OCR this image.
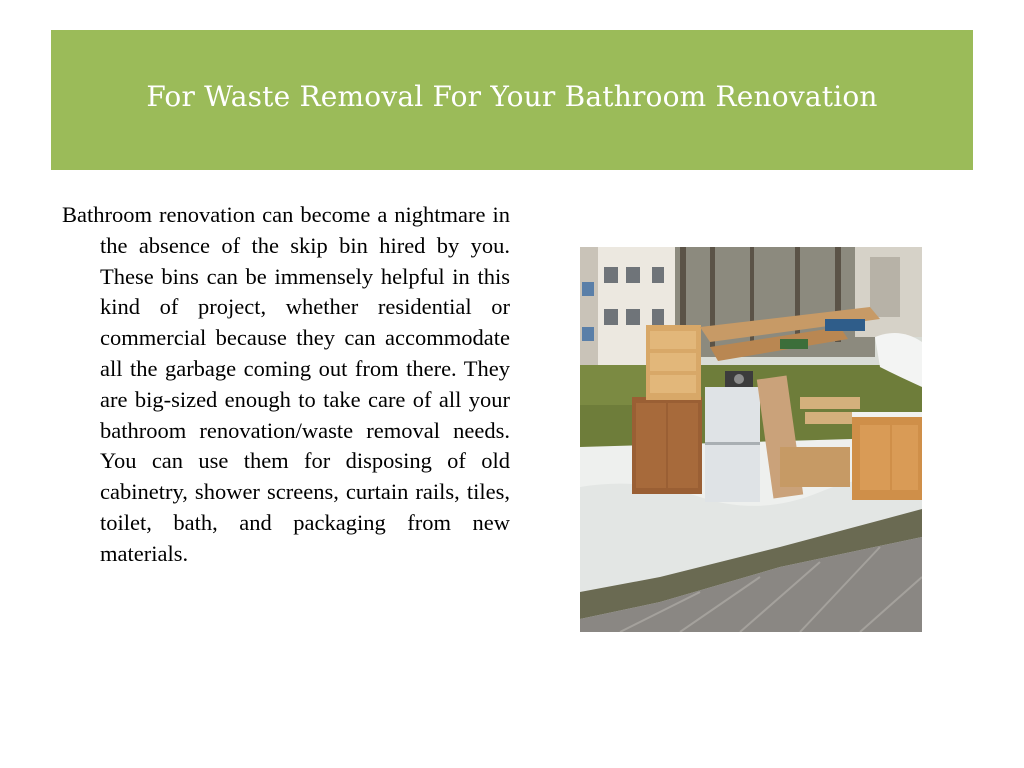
For Waste Removal For Your Bathroom Renovation

Bathroom renovation can become a nightmare in the absence of the skip bin hired by you. These bins can be immensely helpful in this kind of project, whether residential or commercial because they can accommodate all the garbage coming out from there. They are big-sized enough to take care of all your bathroom renovation/waste removal needs. You can use them for disposing of old cabinetry, shower screens, curtain rails, tiles, toilet, bath, and packaging from new materials.
